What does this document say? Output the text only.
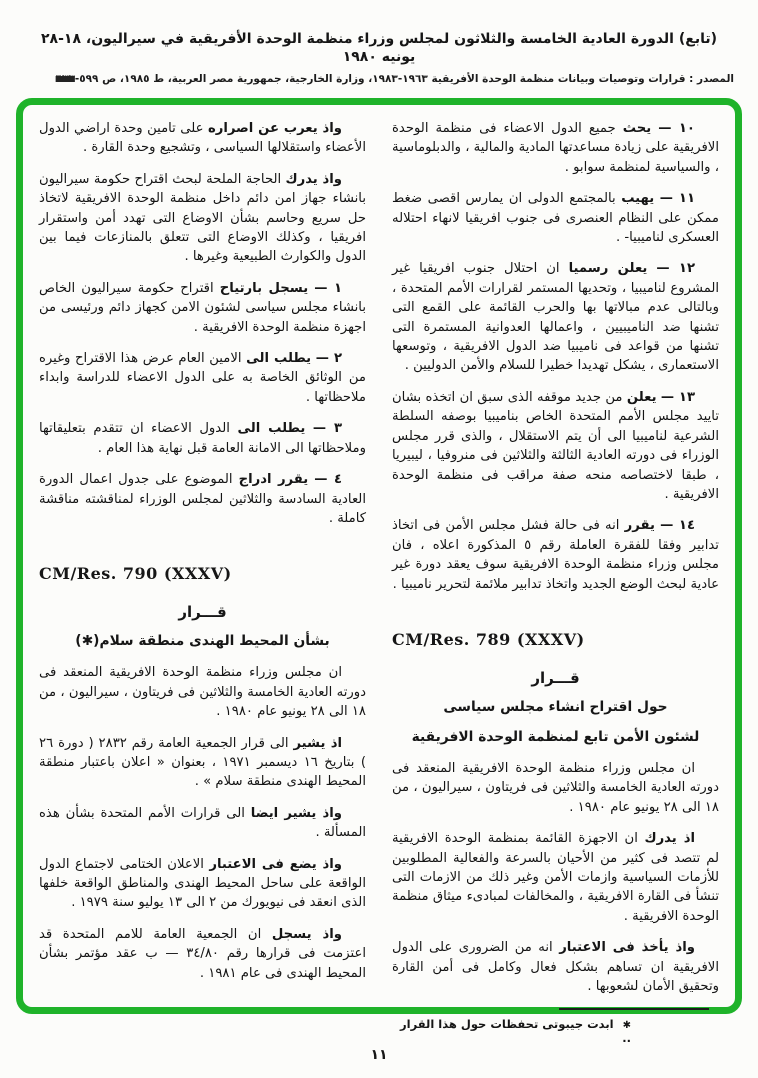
(تابع) الدورة العادية الخامسة والثلاثون لمجلس وزراء منظمة الوحدة الأفريقية في سيراليون، ١٨-٢٨ يونيه ١٩٨٠
المصدر : قرارات وتوصيات وبيانات منظمة الوحدة الأفريقية ١٩٦٣-١٩٨٣، وزارة الخارجية، جمهورية مصر العربية، ط ١٩٨٥، ص ٥٩٩-٦٣٣

١٠ — يحث جميع الدول الاعضاء فى منظمة الوحدة الافريقية على زيادة مساعدتها المادية والمالية ، والدبلوماسية ، والسياسية لمنظمة سوابو .

١١ — يهيب بالمجتمع الدولى ان يمارس اقصى ضغط ممكن على النظام العنصرى فى جنوب افريقيا لانهاء احتلاله العسكرى لناميبيا- .

١٢ — يعلن رسميا ان احتلال جنوب افريقيا غير المشروع لناميبيا ، وتحديها المستمر لقرارات الأمم المتحدة ، وبالتالى عدم مبالاتها بها والحرب القائمة على القمع التى تشنها ضد الناميبيين ، واعمالها العدوانية المستمرة التى تشنها من قواعد فى ناميبيا ضد الدول الافريقية ، وتوسعها الاستعمارى ، يشكل تهديدا خطيرا للسلام والأمن الدوليين .

١٣ — يعلن من جديد موقفه الذى سبق ان اتخذه بشان تاييد مجلس الأمم المتحدة الخاص بناميبيا بوصفه السلطة الشرعية لناميبيا الى أن يتم الاستقلال ، والذى قرر مجلس الوزراء فى دورته العادية الثالثة والثلاثين فى منروفيا ، ليبيريا ، طبقا لاختصاصه منحه صفة مراقب فى منظمة الوحدة الافريقية .

١٤ — يقرر انه فى حالة فشل مجلس الأمن فى اتخاذ تدابير وفقا للفقرة العاملة رقم ٥ المذكورة اعلاه ، فان مجلس وزراء منظمة الوحدة الافريقية سوف يعقد دورة غير عادية لبحث الوضع الجديد واتخاذ تدابير ملائمة لتحرير ناميبيا .

CM/Res. 789 (XXXV)
قـــرار
حول اقتراح انشاء مجلس سياسى
لشئون الأمن تابع لمنظمة الوحدة الافريقية

ان مجلس وزراء منظمة الوحدة الافريقية المنعقد فى دورته العادية الخامسة والثلاثين فى فريتاون ، سيراليون ، من ١٨ الى ٢٨ يونيو عام ١٩٨٠ .

اذ يدرك ان الاجهزة القائمة بمنظمة الوحدة الافريقية لم تتصد فى كثير من الأحيان بالسرعة والفعالية المطلوبين للأزمات السياسية وازمات الأمن وغير ذلك من الازمات التى تنشأ فى القارة الافريقية ، والمخالفات لمبادىء ميثاق منظمة الوحدة الافريقية .

واذ يأخذ فى الاعتبار انه من الضرورى على الدول الافريقية ان تساهم بشكل فعال وكامل فى أمن القارة وتحقيق الأمان لشعوبها .

✱ ابدت جيبوتى تحفظات حول هذا القرار ..

واذ يعرب عن اصراره على تامين وحدة اراضي الدول الأعضاء واستقلالها السياسى ، وتشجيع وحدة القارة .

واذ يدرك الحاجة الملحة لبحث اقتراح حكومة سيراليون بانشاء جهاز امن دائم داخل منظمة الوحدة الافريقية لاتخاذ حل سريع وحاسم بشأن الاوضاع التى تهدد أمن واستقرار افريقيا ، وكذلك الاوضاع التى تتعلق بالمنازعات فيما بين الدول والكوارث الطبيعية وغيرها .

١ — يسجل بارتياح اقتراح حكومة سيراليون الخاص بانشاء مجلس سياسى لشئون الامن كجهاز دائم ورئيسى من اجهزة منظمة الوحدة الافريقية .

٢ — يطلب الى الامين العام عرض هذا الاقتراح وغيره من الوثائق الخاصة به على الدول الاعضاء للدراسة وابداء ملاحظاتها .

٣ — يطلب الى الدول الاعضاء ان تتقدم بتعليقاتها وملاحظاتها الى الامانة العامة قبل نهاية هذا العام .

٤ — يقرر ادراج الموضوع على جدول اعمال الدورة العادية السادسة والثلاثين لمجلس الوزراء لمناقشته مناقشة كاملة .

CM/Res. 790 (XXXV)
قـــرار
بشأن المحيط الهندى منطقة سلام(✱)

ان مجلس وزراء منظمة الوحدة الافريقية المنعقد فى دورته العادية الخامسة والثلاثين فى فريتاون ، سيراليون ، من ١٨ الى ٢٨ يونيو عام ١٩٨٠ .

اذ يشير الى قرار الجمعية العامة رقم ٢٨٣٢ ( دورة ٢٦ ) بتاريخ ١٦ ديسمبر ١٩٧١ ، بعنوان « اعلان باعتبار منطقة المحيط الهندى منطقة سلام » .

واذ يشير ايضا الى قرارات الأمم المتحدة بشأن هذه المسألة .

واذ يضع فى الاعتبار الاعلان الختامى لاجتماع الدول الواقعة على ساحل المحيط الهندى والمناطق الواقعة خلفها الذى انعقد فى نيويورك من ٢ الى ١٣ يوليو سنة ١٩٧٩ .

واذ يسجل ان الجمعية العامة للامم المتحدة قد اعتزمت فى قرارها رقم ٣٤/٨٠ — ب عقد مؤتمر بشأن المحيط الهندى فى عام ١٩٨١ .

١١
